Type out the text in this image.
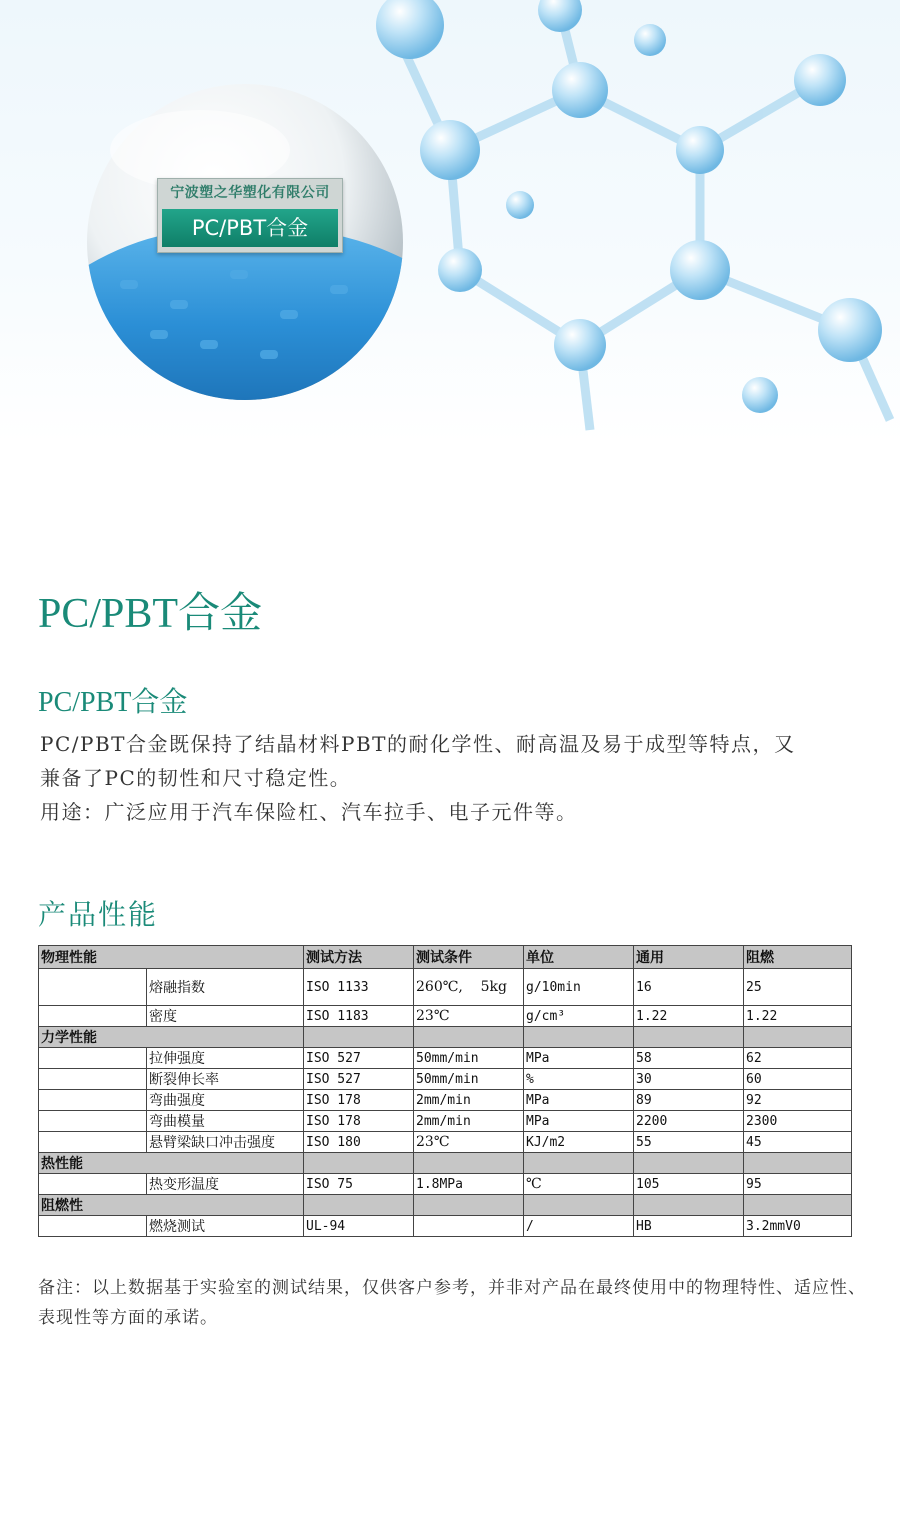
宁波塑之华塑化有限公司
PC/PBT合金
PC/PBT合金
PC/PBT合金

PC/PBT合金既保持了结晶材料PBT的耐化学性、耐高温及易于成型等特点，又

兼备了PC的韧性和尺寸稳定性。

用途：广泛应用于汽车保险杠、汽车拉手、电子元件等。

产品性能
物理性能		测试方法	测试条件	单位	通用	阻燃
	熔融指数	ISO 1133	260℃,    5kg	g/10min	16	25
	密度	ISO 1183	23℃	g/cm³	1.22	1.22
力学性能						
	拉伸强度	ISO 527	50mm/min	MPa	58	62
	断裂伸长率	ISO 527	50mm/min	%	30	60
	弯曲强度	ISO 178	2mm/min	MPa	89	92
	弯曲模量	ISO 178	2mm/min	MPa	2200	2300
	悬臂梁缺口冲击强度	ISO 180	23℃	KJ/m2	55	45
热性能						
	热变形温度	ISO 75	1.8MPa	℃	105	95
阻燃性						
	燃烧测试	UL-94		/	HB	3.2mmV0
备注：以上数据基于实验室的测试结果，仅供客户参考，并非对产品在最终使用中的物理特性、适应性、表现性等方面的承诺。
